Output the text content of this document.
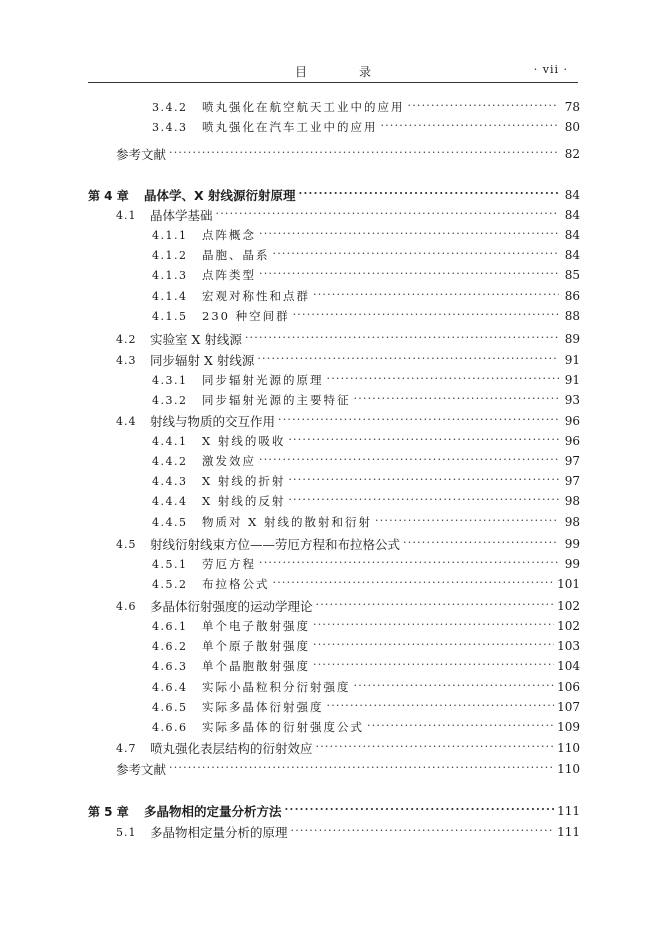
目　录	· vii ·
3.4.2	喷丸强化在航空航天工业中的应用 ·····	78
3.4.3	喷丸强化在汽车工业中的应用 ·····	80
参考文献 ·····	82
第 4 章	晶体学、X 射线源衍射原理 ·····	84
4.1	晶体学基础 ·····	84
4.1.1	点阵概念 ·····	84
4.1.2	晶胞、晶系 ·····	84
4.1.3	点阵类型 ·····	85
4.1.4	宏观对称性和点群 ·····	86
4.1.5	230 种空间群 ·····	88
4.2	实验室 X 射线源 ·····	89
4.3	同步辐射 X 射线源 ·····	91
4.3.1	同步辐射光源的原理 ·····	91
4.3.2	同步辐射光源的主要特征 ·····	93
4.4	射线与物质的交互作用 ·····	96
4.4.1	X 射线的吸收 ·····	96
4.4.2	激发效应 ·····	97
4.4.3	X 射线的折射 ·····	97
4.4.4	X 射线的反射 ·····	98
4.4.5	物质对 X 射线的散射和衍射 ·····	98
4.5	射线衍射线束方位——劳厄方程和布拉格公式 ·····	99
4.5.1	劳厄方程 ·····	99
4.5.2	布拉格公式 ·····	101
4.6	多晶体衍射强度的运动学理论 ·····	102
4.6.1	单个电子散射强度 ·····	102
4.6.2	单个原子散射强度 ·····	103
4.6.3	单个晶胞散射强度 ·····	104
4.6.4	实际小晶粒积分衍射强度 ·····	106
4.6.5	实际多晶体衍射强度 ·····	107
4.6.6	实际多晶体的衍射强度公式 ·····	109
4.7	喷丸强化表层结构的衍射效应 ·····	110
参考文献 ·····	110
第 5 章	多晶物相的定量分析方法 ·····	111
5.1	多晶物相定量分析的原理 ·····	111
